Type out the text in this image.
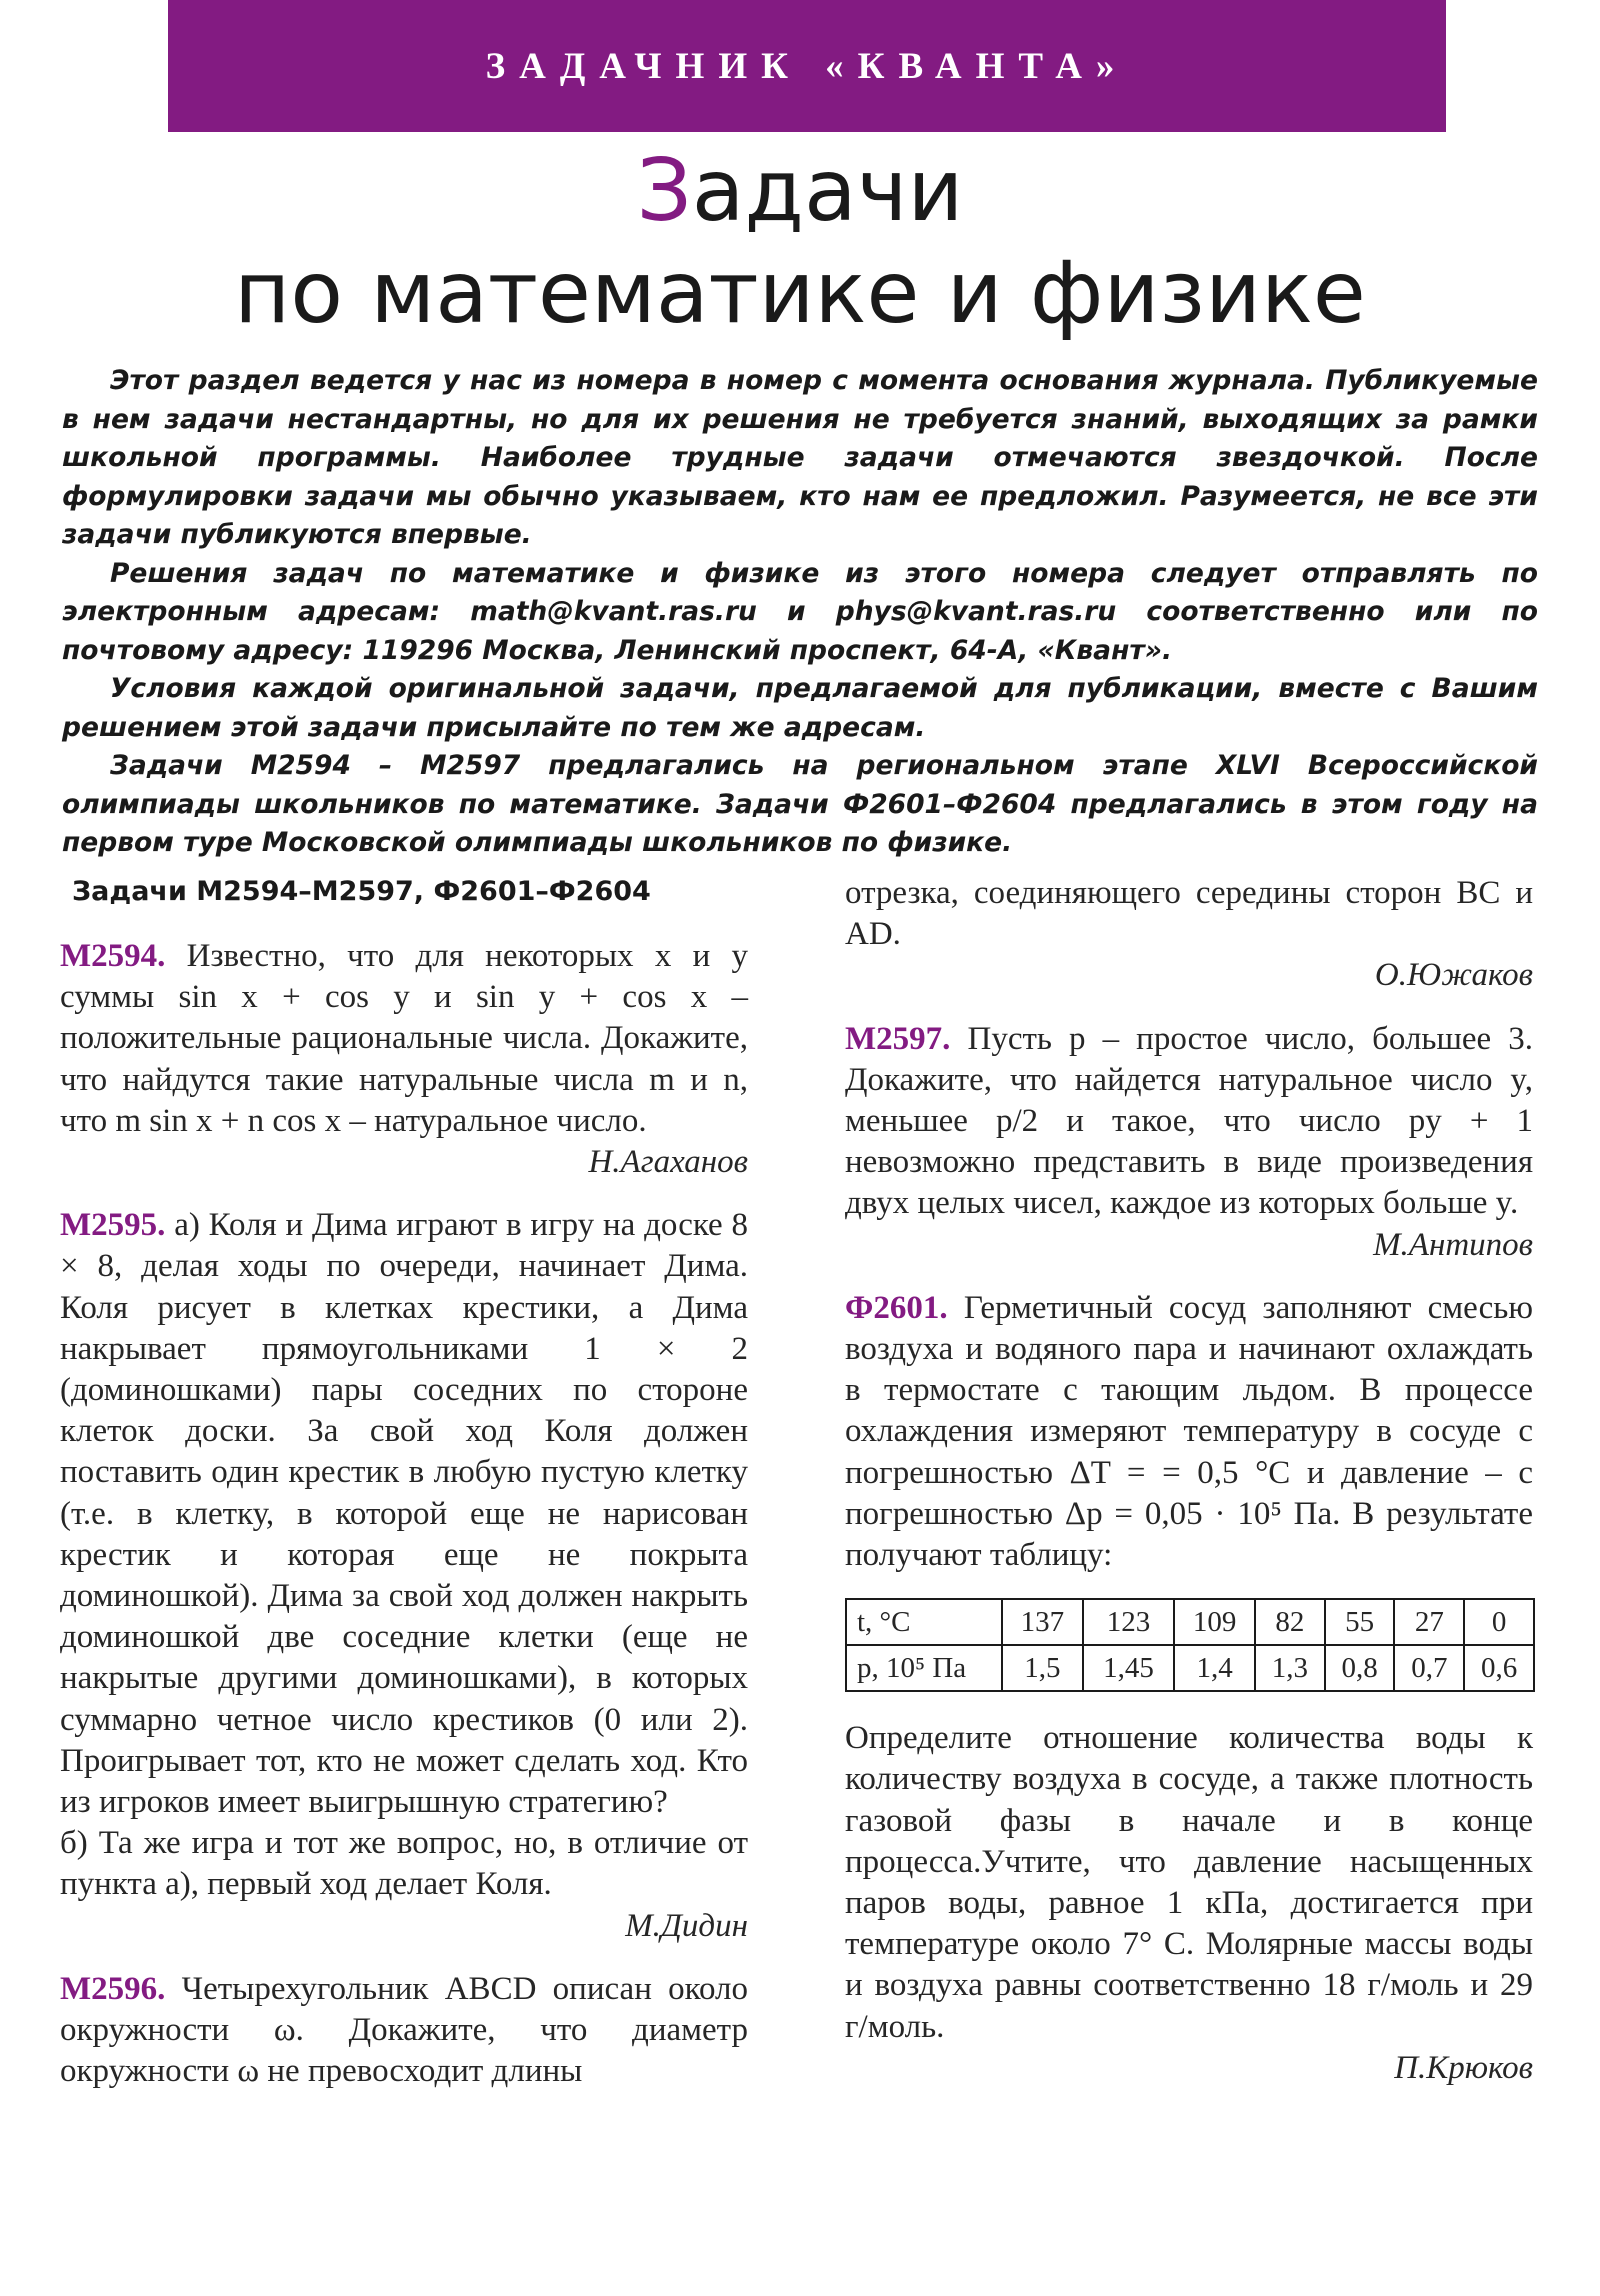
ЗАДАЧНИК «КВАНТА»
Задачи
по математике и физике

Этот раздел ведется у нас из номера в номер с момента основания журнала. Публикуемые в нем задачи нестандартны, но для их решения не требуется знаний, выходящих за рамки школьной программы. Наиболее трудные задачи отмечаются звездочкой. После формулировки задачи мы обычно указываем, кто нам ее предложил. Разумеется, не все эти задачи публикуются впервые.

Решения задач по математике и физике из этого номера следует отправлять по электронным адресам: math@kvant.ras.ru и phys@kvant.ras.ru соответственно или по почтовому адресу: 119296 Москва, Ленинский проспект, 64-А, «Квант».

Условия каждой оригинальной задачи, предлагаемой для публикации, вместе с Вашим решением этой задачи присылайте по тем же адресам.

Задачи М2594 – М2597 предлагались на региональном этапе XLVI Всероссийской олимпиады школьников по математике. Задачи Ф2601–Ф2604 предлагались в этом году на первом туре Московской олимпиады школьников по физике.

Задачи М2594–М2597, Ф2601–Ф2604

М2594. Известно, что для некоторых x и y суммы sin x + cos y и sin y + cos x – положительные рациональные числа. Докажите, что найдутся такие натуральные числа m и n, что m sin x + n cos x – натуральное число.

Н.Агаханов

М2595. а) Коля и Дима играют в игру на доске 8 × 8, делая ходы по очереди, начинает Дима. Коля рисует в клетках крестики, а Дима накрывает прямоугольниками 1 × 2 (доминошками) пары соседних по стороне клеток доски. За свой ход Коля должен поставить один крестик в любую пустую клетку (т.е. в клетку, в которой еще не нарисован крестик и которая еще не покрыта доминошкой). Дима за свой ход должен накрыть доминошкой две соседние клетки (еще не накрытые другими доминошками), в которых суммарно четное число крестиков (0 или 2). Проигрывает тот, кто не может сделать ход. Кто из игроков имеет выигрышную стратегию?

б) Та же игра и тот же вопрос, но, в отличие от пункта а), первый ход делает Коля.

М.Дидин

М2596. Четырехугольник ABCD описан около окружности ω. Докажите, что диаметр окружности ω не превосходит длины

отрезка, соединяющего середины сторон BC и AD.

О.Южаков

М2597. Пусть p – простое число, большее 3. Докажите, что найдется натуральное число y, меньшее p/2 и такое, что число py + 1 невозможно представить в виде произведения двух целых чисел, каждое из которых больше y.

М.Антипов

Ф2601. Герметичный сосуд заполняют смесью воздуха и водяного пара и начинают охлаждать в термостате с тающим льдом. В процессе охлаждения измеряют температуру в сосуде с погрешностью ΔT = = 0,5 °C и давление – с погрешностью Δp = 0,05 · 10⁵ Па. В результате получают таблицу:

t, °C	137	123	109	82	55	27	0
p, 10⁵ Па	1,5	1,45	1,4	1,3	0,8	0,7	0,6

Определите отношение количества воды к количеству воздуха в сосуде, а также плотность газовой фазы в начале и в конце процесса.Учтите, что давление насыщенных паров воды, равное 1 кПа, достигается при температуре около 7° С. Молярные массы воды и воздуха равны соответственно 18 г/моль и 29 г/моль.

П.Крюков
